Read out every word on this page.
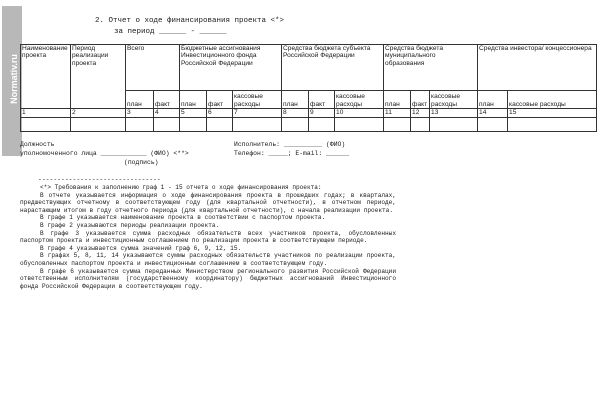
Normativ.ru
2. Отчет о ходе финансирования проекта <*>
за период ______ - ______
Наименование проекта	Период реализации проекта	Всего		Бюджетные ассигнования Инвестиционного фонда Российской Федерации			Средства бюджета субъекта Российской Федерации			Средства бюджета муниципального образования			Средства инвестора/ концессионера	
		план	факт	план	факт	кассовые расходы	план	факт	кассовые расходы	план	факт	кассовые расходы	план	кассовые расходы
1	2	3	4	5	6	7	8	9	10	11	12	13	14	15

Должность
уполномоченного лица ____________ (ФИО) <**>
(подпись)
Исполнитель: __________ (ФИО)
Телефон: _____; E-mail: ______
--------------------------------

<*> Требования к заполнению граф 1 - 15 отчета о ходе финансирования проекта:

В отчете указывается информация о ходе финансирования проекта в прошедших годах; в кварталах, предшествующих отчетному в соответствующем году (для квартальной отчетности), в отчетном периоде, нарастающим итогом в году отчетного периода (для квартальной отчетности), с начала реализации проекта.

В графе 1 указывается наименование проекта в соответствии с паспортом проекта.

В графе 2 указываются периоды реализации проекта.

В графе 3 указывается сумма расходных обязательств всех участников проекта, обусловленных паспортом проекта и инвестиционным соглашением по реализации проекта в соответствующем периоде.

В графе 4 указывается сумма значений граф 6, 9, 12, 15.

В графах 5, 8, 11, 14 указываются суммы расходных обязательств участников по реализации проекта, обусловленных паспортом проекта и инвестиционным соглашением в соответствующем году.

В графе 6 указывается сумма переданных Министерством регионального развития Российской Федерации ответственным исполнителям (государственному координатору) бюджетных ассигнований Инвестиционного фонда Российской Федерации в соответствующем году.
